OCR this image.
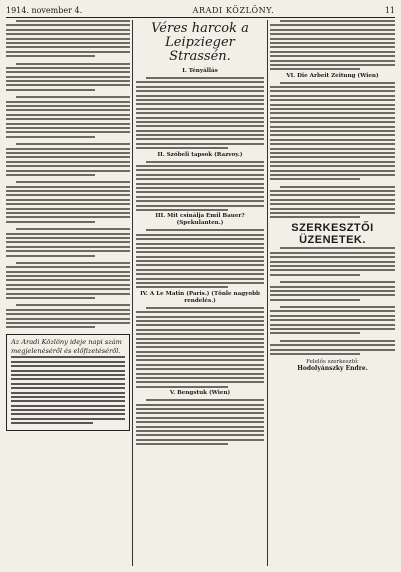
1914. november 4.	ARADI KÖZLÖNY.	11
Az Aradi Közlöny ideje napi szám megjelenéséről és előfizetéséről.
Véres harcok a Leipzieger Strassén.
I. Tényállás
II. Szóbeli tapsok (Razvoy.)
III. Mit csinálja Emil Bauer? (Spekulanten.)
IV. A Le Matin (Paris.) (Tőnle nagyobb rendelés.)
V. Bengstuk (Wien)
VI. Die Arbeit Zeitung (Wien)
SZERKESZTŐI ÜZENETEK.
Felelős szerkesztő:
Hodolyánszky Endre.
